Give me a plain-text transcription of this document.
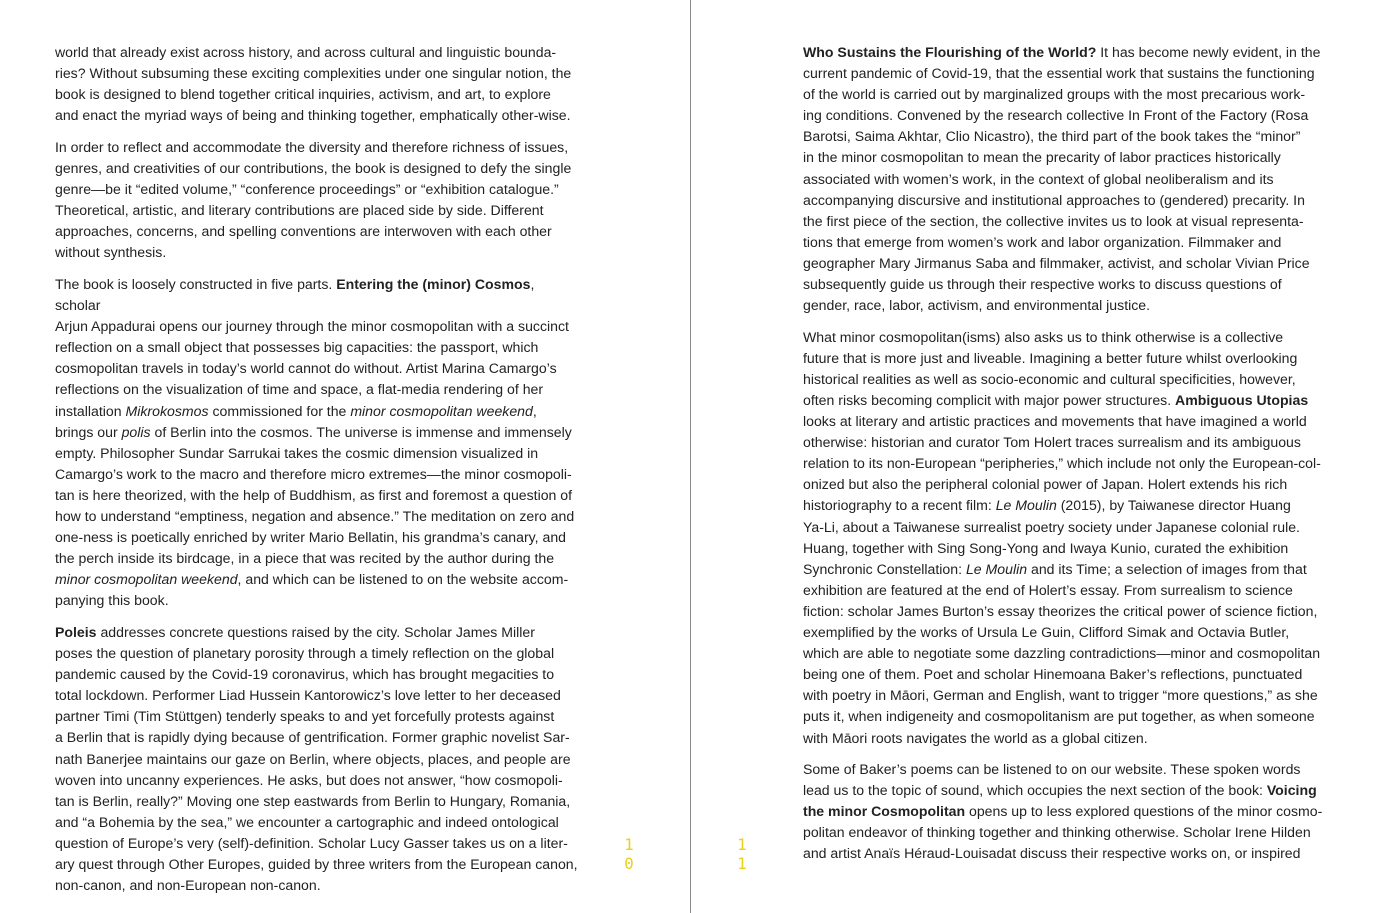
world that already exist across history, and across cultural and linguistic bounda-
ries? Without subsuming these exciting complexities under one singular notion, the
book is designed to blend together critical inquiries, activism, and art, to explore
and enact the myriad ways of being and thinking together, emphatically other-wise.

In order to reflect and accommodate the diversity and therefore richness of issues,
genres, and creativities of our contributions, the book is designed to defy the single
genre—be it “edited volume,” “conference proceedings” or “exhibition catalogue.”
Theoretical, artistic, and literary contributions are placed side by side. Different
approaches, concerns, and spelling conventions are interwoven with each other
without synthesis.

The book is loosely constructed in five parts. Entering the (minor) Cosmos, scholar
Arjun Appadurai opens our journey through the minor cosmopolitan with a succinct
reflection on a small object that possesses big capacities: the passport, which
cosmopolitan travels in today’s world cannot do without. Artist Marina Camargo’s
reflections on the visualization of time and space, a flat-media rendering of her
installation Mikrokosmos commissioned for the minor cosmopolitan weekend,
brings our polis of Berlin into the cosmos. The universe is immense and immensely
empty. Philosopher Sundar Sarrukai takes the cosmic dimension visualized in
Camargo’s work to the macro and therefore micro extremes—the minor cosmopoli-
tan is here theorized, with the help of Buddhism, as first and foremost a question of
how to understand “emptiness, negation and absence.” The meditation on zero and
one-ness is poetically enriched by writer Mario Bellatin, his grandma’s canary, and
the perch inside its birdcage, in a piece that was recited by the author during the
minor cosmopolitan weekend, and which can be listened to on the website accom-
panying this book.

Poleis addresses concrete questions raised by the city. Scholar James Miller
poses the question of planetary porosity through a timely reflection on the global
pandemic caused by the Covid-19 coronavirus, which has brought megacities to
total lockdown. Performer Liad Hussein Kantorowicz’s love letter to her deceased
partner Timi (Tim Stüttgen) tenderly speaks to and yet forcefully protests against
a Berlin that is rapidly dying because of gentrification. Former graphic novelist Sar-
nath Banerjee maintains our gaze on Berlin, where objects, places, and people are
woven into uncanny experiences. He asks, but does not answer, “how cosmopoli-
tan is Berlin, really?” Moving one step eastwards from Berlin to Hungary, Romania,
and “a Bohemia by the sea,” we encounter a cartographic and indeed ontological
question of Europe’s very (self)-definition. Scholar Lucy Gasser takes us on a liter-
ary quest through Other Europes, guided by three writers from the European canon,
non-canon, and non-European non-canon.

Who Sustains the Flourishing of the World? It has become newly evident, in the
current pandemic of Covid-19, that the essential work that sustains the functioning
of the world is carried out by marginalized groups with the most precarious work-
ing conditions. Convened by the research collective In Front of the Factory (Rosa
Barotsi, Saima Akhtar, Clio Nicastro), the third part of the book takes the “minor”
in the minor cosmopolitan to mean the precarity of labor practices historically
associated with women’s work, in the context of global neoliberalism and its
accompanying discursive and institutional approaches to (gendered) precarity. In
the first piece of the section, the collective invites us to look at visual representa-
tions that emerge from women’s work and labor organization. Filmmaker and
geographer Mary Jirmanus Saba and filmmaker, activist, and scholar Vivian Price
subsequently guide us through their respective works to discuss questions of
gender, race, labor, activism, and environmental justice.

What minor cosmopolitan(isms) also asks us to think otherwise is a collective
future that is more just and liveable. Imagining a better future whilst overlooking
historical realities as well as socio-economic and cultural specificities, however,
often risks becoming complicit with major power structures. Ambiguous Utopias
looks at literary and artistic practices and movements that have imagined a world
otherwise: historian and curator Tom Holert traces surrealism and its ambiguous
relation to its non-European “peripheries,” which include not only the European-col-
onized but also the peripheral colonial power of Japan. Holert extends his rich
historiography to a recent film: Le Moulin (2015), by Taiwanese director Huang
Ya-Li, about a Taiwanese surrealist poetry society under Japanese colonial rule.
Huang, together with Sing Song-Yong and Iwaya Kunio, curated the exhibition
Synchronic Constellation: Le Moulin and its Time; a selection of images from that
exhibition are featured at the end of Holert’s essay. From surrealism to science
fiction: scholar James Burton’s essay theorizes the critical power of science fiction,
exemplified by the works of Ursula Le Guin, Clifford Simak and Octavia Butler,
which are able to negotiate some dazzling contradictions—minor and cosmopolitan
being one of them. Poet and scholar Hinemoana Baker’s reflections, punctuated
with poetry in Māori, German and English, want to trigger “more questions,” as she
puts it, when indigeneity and cosmopolitanism are put together, as when someone
with Māori roots navigates the world as a global citizen.

Some of Baker’s poems can be listened to on our website. These spoken words
lead us to the topic of sound, which occupies the next section of the book: Voicing
the minor Cosmopolitan opens up to less explored questions of the minor cosmo-
politan endeavor of thinking together and thinking otherwise. Scholar Irene Hilden
and artist Anaïs Héraud-Louisadat discuss their respective works on, or inspired

10
11
